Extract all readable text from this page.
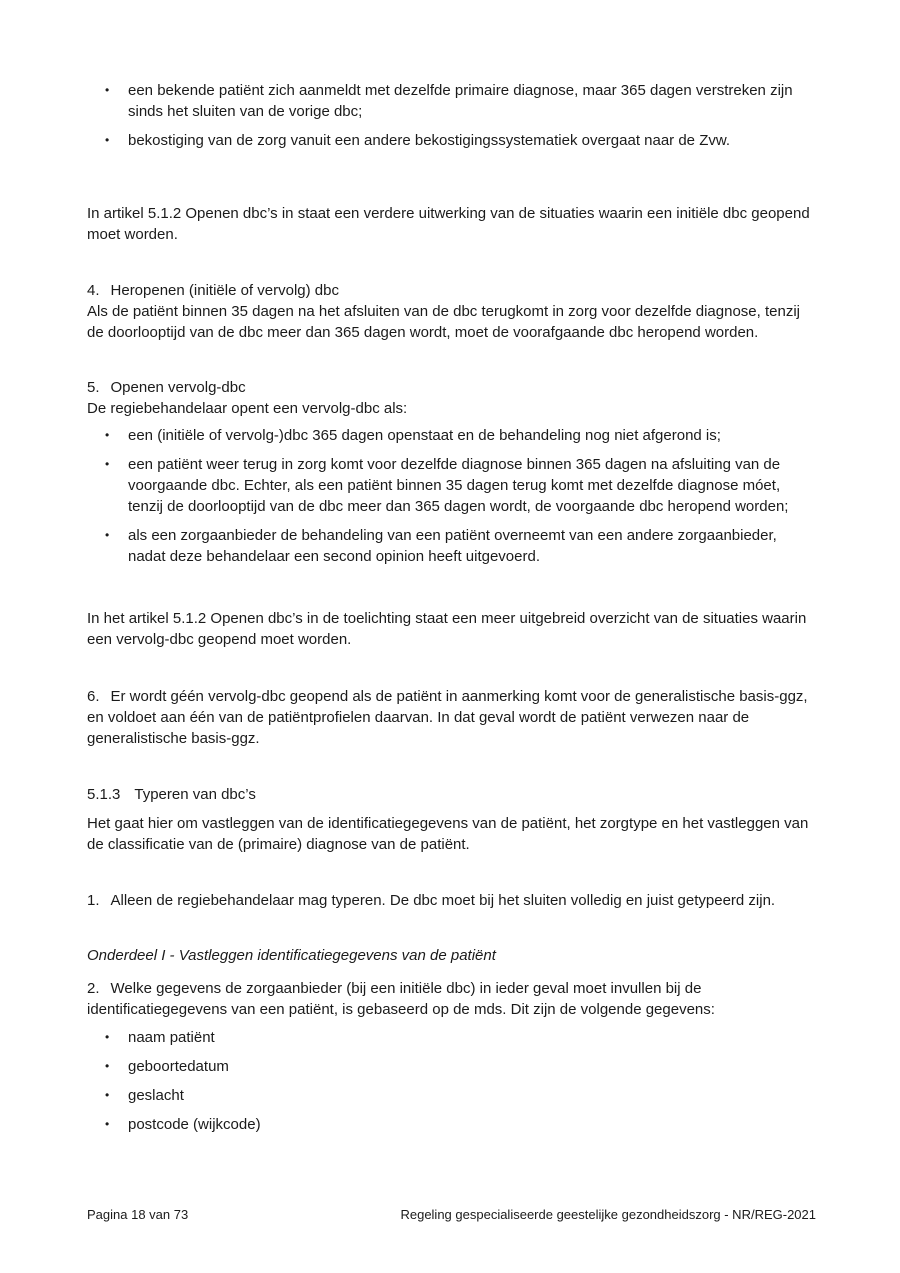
• een bekende patiënt zich aanmeldt met dezelfde primaire diagnose, maar 365 dagen verstreken zijn sinds het sluiten van de vorige dbc;
• bekostiging van de zorg vanuit een andere bekostigingssystematiek overgaat naar de Zvw.

In artikel 5.1.2 Openen dbc’s in staat een verdere uitwerking van de situaties waarin een initiële dbc geopend moet worden.

4. Heropenen (initiële of vervolg) dbc

Als de patiënt binnen 35 dagen na het afsluiten van de dbc terugkomt in zorg voor dezelfde diagnose, tenzij de doorlooptijd van de dbc meer dan 365 dagen wordt, moet de voorafgaande dbc heropend worden.

5. Openen vervolg-dbc

De regiebehandelaar opent een vervolg-dbc als:

• een (initiële of vervolg-)dbc 365 dagen openstaat en de behandeling nog niet afgerond is;
• een patiënt weer terug in zorg komt voor dezelfde diagnose binnen 365 dagen na afsluiting van de voorgaande dbc. Echter, als een patiënt binnen 35 dagen terug komt met dezelfde diagnose móet, tenzij de doorlooptijd van de dbc meer dan 365 dagen wordt, de voorgaande dbc heropend worden;
• als een zorgaanbieder de behandeling van een patiënt overneemt van een andere zorgaanbieder, nadat deze behandelaar een second opinion heeft uitgevoerd.

In het artikel 5.1.2 Openen dbc’s in de toelichting staat een meer uitgebreid overzicht van de situaties waarin een vervolg-dbc geopend moet worden.

6. Er wordt géén vervolg-dbc geopend als de patiënt in aanmerking komt voor de generalistische basis-ggz, en voldoet aan één van de patiëntprofielen daarvan. In dat geval wordt de patiënt verwezen naar de generalistische basis-ggz.

5.1.3 Typeren van dbc’s

Het gaat hier om vastleggen van de identificatiegegevens van de patiënt, het zorgtype en het vastleggen van de classificatie van de (primaire) diagnose van de patiënt.

1. Alleen de regiebehandelaar mag typeren. De dbc moet bij het sluiten volledig en juist getypeerd zijn.

Onderdeel I - Vastleggen identificatiegegevens van de patiënt

2. Welke gegevens de zorgaanbieder (bij een initiële dbc) in ieder geval moet invullen bij de identificatiegegevens van een patiënt, is gebaseerd op de mds. Dit zijn de volgende gegevens:

• naam patiënt
• geboortedatum
• geslacht
• postcode (wijkcode)
Pagina 18 van 73	Regeling gespecialiseerde geestelijke gezondheidszorg - NR/REG-2021
